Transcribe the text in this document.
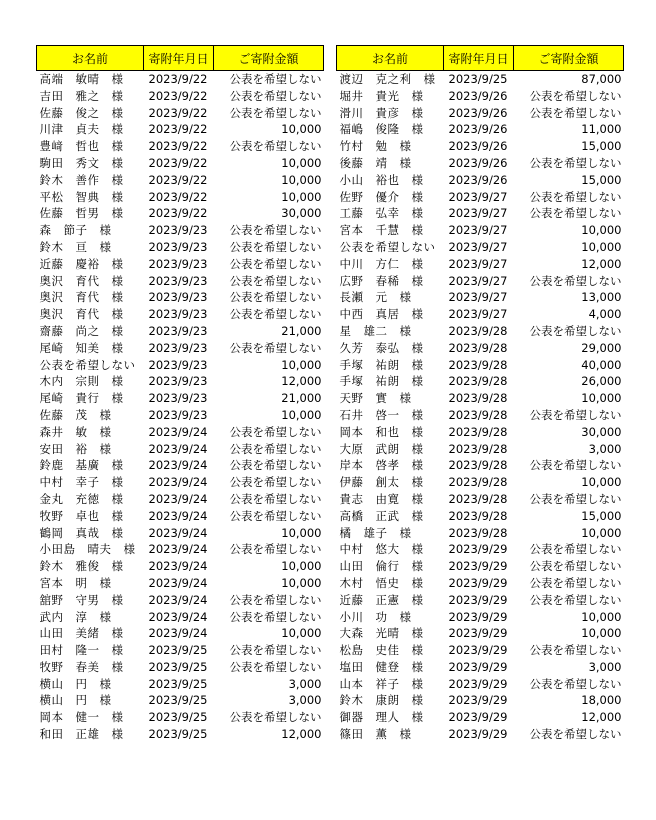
お名前	寄附年月日	ご寄附金額
高端　敏晴　様	2023/9/22	公表を希望しない
吉田　雅之　様	2023/9/22	公表を希望しない
佐藤　俊之　様	2023/9/22	公表を希望しない
川津　貞夫　様	2023/9/22	10,000
豊﨑　哲也　様	2023/9/22	公表を希望しない
駒田　秀文　様	2023/9/22	10,000
鈴木　善作　様	2023/9/22	10,000
平松　智典　様	2023/9/22	10,000
佐藤　哲男　様	2023/9/22	30,000
森　節子　様	2023/9/23	公表を希望しない
鈴木　亘　様	2023/9/23	公表を希望しない
近藤　慶裕　様	2023/9/23	公表を希望しない
奥沢　育代　様	2023/9/23	公表を希望しない
奥沢　育代　様	2023/9/23	公表を希望しない
奥沢　育代　様	2023/9/23	公表を希望しない
齋藤　尚之　様	2023/9/23	21,000
尾崎　知美　様	2023/9/23	公表を希望しない
公表を希望しない	2023/9/23	10,000
木内　宗則　様	2023/9/23	12,000
尾崎　貴行　様	2023/9/23	21,000
佐藤　茂　様	2023/9/23	10,000
森井　敏　様	2023/9/24	公表を希望しない
安田　裕　様	2023/9/24	公表を希望しない
鈴鹿　基廣　様	2023/9/24	公表を希望しない
中村　幸子　様	2023/9/24	公表を希望しない
金丸　充徳　様	2023/9/24	公表を希望しない
牧野　卓也　様	2023/9/24	公表を希望しない
鶴岡　真哉　様	2023/9/24	10,000
小田島　晴夫　様	2023/9/24	公表を希望しない
鈴木　雅俊　様	2023/9/24	10,000
宮本　明　様	2023/9/24	10,000
舘野　守男　様	2023/9/24	公表を希望しない
武内　淳　様	2023/9/24	公表を希望しない
山田　美緒　様	2023/9/24	10,000
田村　隆一　様	2023/9/25	公表を希望しない
牧野　春美　様	2023/9/25	公表を希望しない
横山　円　様	2023/9/25	3,000
横山　円　様	2023/9/25	3,000
岡本　健一　様	2023/9/25	公表を希望しない
和田　正雄　様	2023/9/25	12,000
お名前	寄附年月日	ご寄附金額
渡辺　克之利　様	2023/9/25	87,000
堀井　貴光　様	2023/9/26	公表を希望しない
滑川　貴彦　様	2023/9/26	公表を希望しない
福嶋　俊隆　様	2023/9/26	11,000
竹村　勉　様	2023/9/26	15,000
後藤　靖　様	2023/9/26	公表を希望しない
小山　裕也　様	2023/9/26	15,000
佐野　優介　様	2023/9/27	公表を希望しない
工藤　弘幸　様	2023/9/27	公表を希望しない
宮本　千慧　様	2023/9/27	10,000
公表を希望しない	2023/9/27	10,000
中川　方仁　様	2023/9/27	12,000
広野　春稀　様	2023/9/27	公表を希望しない
長瀬　元　様	2023/9/27	13,000
中西　真居　様	2023/9/27	4,000
星　雄二　様	2023/9/28	公表を希望しない
久芳　泰弘　様	2023/9/28	29,000
手塚　祐朗　様	2023/9/28	40,000
手塚　祐朗　様	2023/9/28	26,000
天野　實　様	2023/9/28	10,000
石井　啓一　様	2023/9/28	公表を希望しない
岡本　和也　様	2023/9/28	30,000
大原　武朗　様	2023/9/28	3,000
岸本　啓孝　様	2023/9/28	公表を希望しない
伊藤　創太　様	2023/9/28	10,000
貴志　由寛　様	2023/9/28	公表を希望しない
高橋　正武　様	2023/9/28	15,000
橘　雄子　様	2023/9/28	10,000
中村　悠大　様	2023/9/29	公表を希望しない
山田　倫行　様	2023/9/29	公表を希望しない
木村　悟史　様	2023/9/29	公表を希望しない
近藤　正憲　様	2023/9/29	公表を希望しない
小川　功　様	2023/9/29	10,000
大森　光晴　様	2023/9/29	10,000
松島　史佳　様	2023/9/29	公表を希望しない
塩田　健登　様	2023/9/29	3,000
山本　祥子　様	2023/9/29	公表を希望しない
鈴木　康朗　様	2023/9/29	18,000
御器　理人　様	2023/9/29	12,000
篠田　薫　様	2023/9/29	公表を希望しない
